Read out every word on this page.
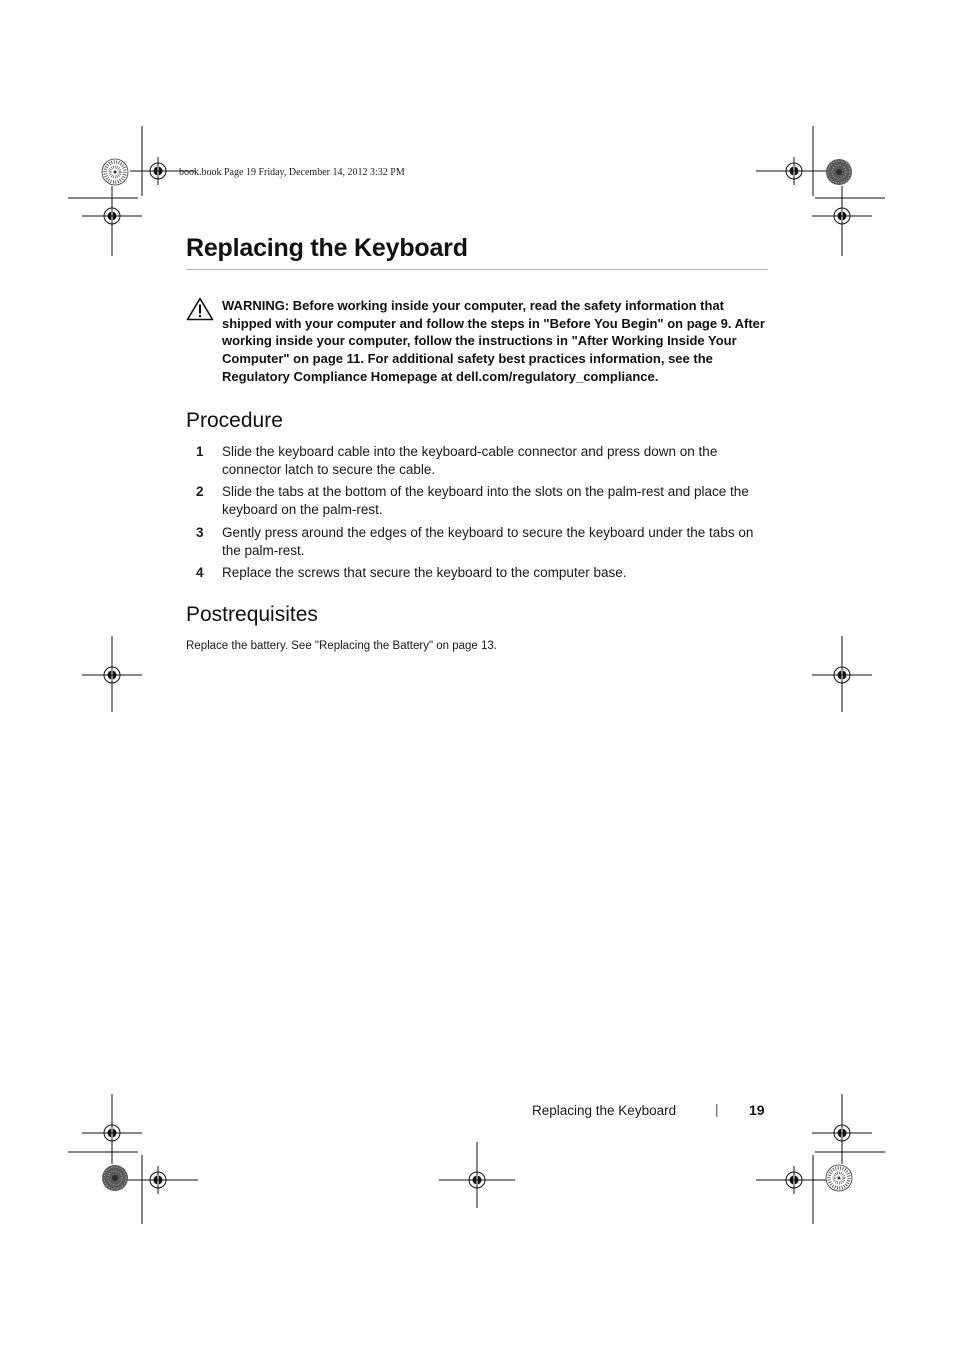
book.book Page 19 Friday, December 14, 2012 3:32 PM
Replacing the Keyboard

WARNING: Before working inside your computer, read the safety information that shipped with your computer and follow the steps in "Before You Begin" on page 9. After working inside your computer, follow the instructions in "After Working Inside Your Computer" on page 11. For additional safety best practices information, see the Regulatory Compliance Homepage at dell.com/regulatory_compliance.

Procedure
1 Slide the keyboard cable into the keyboard-cable connector and press down on the connector latch to secure the cable.
2 Slide the tabs at the bottom of the keyboard into the slots on the palm-rest and place the keyboard on the palm-rest.
3 Gently press around the edges of the keyboard to secure the keyboard under the tabs on the palm-rest.
4 Replace the screws that secure the keyboard to the computer base.
Postrequisites

Replace the battery. See "Replacing the Battery" on page 13.

Replacing the Keyboard	| 19
